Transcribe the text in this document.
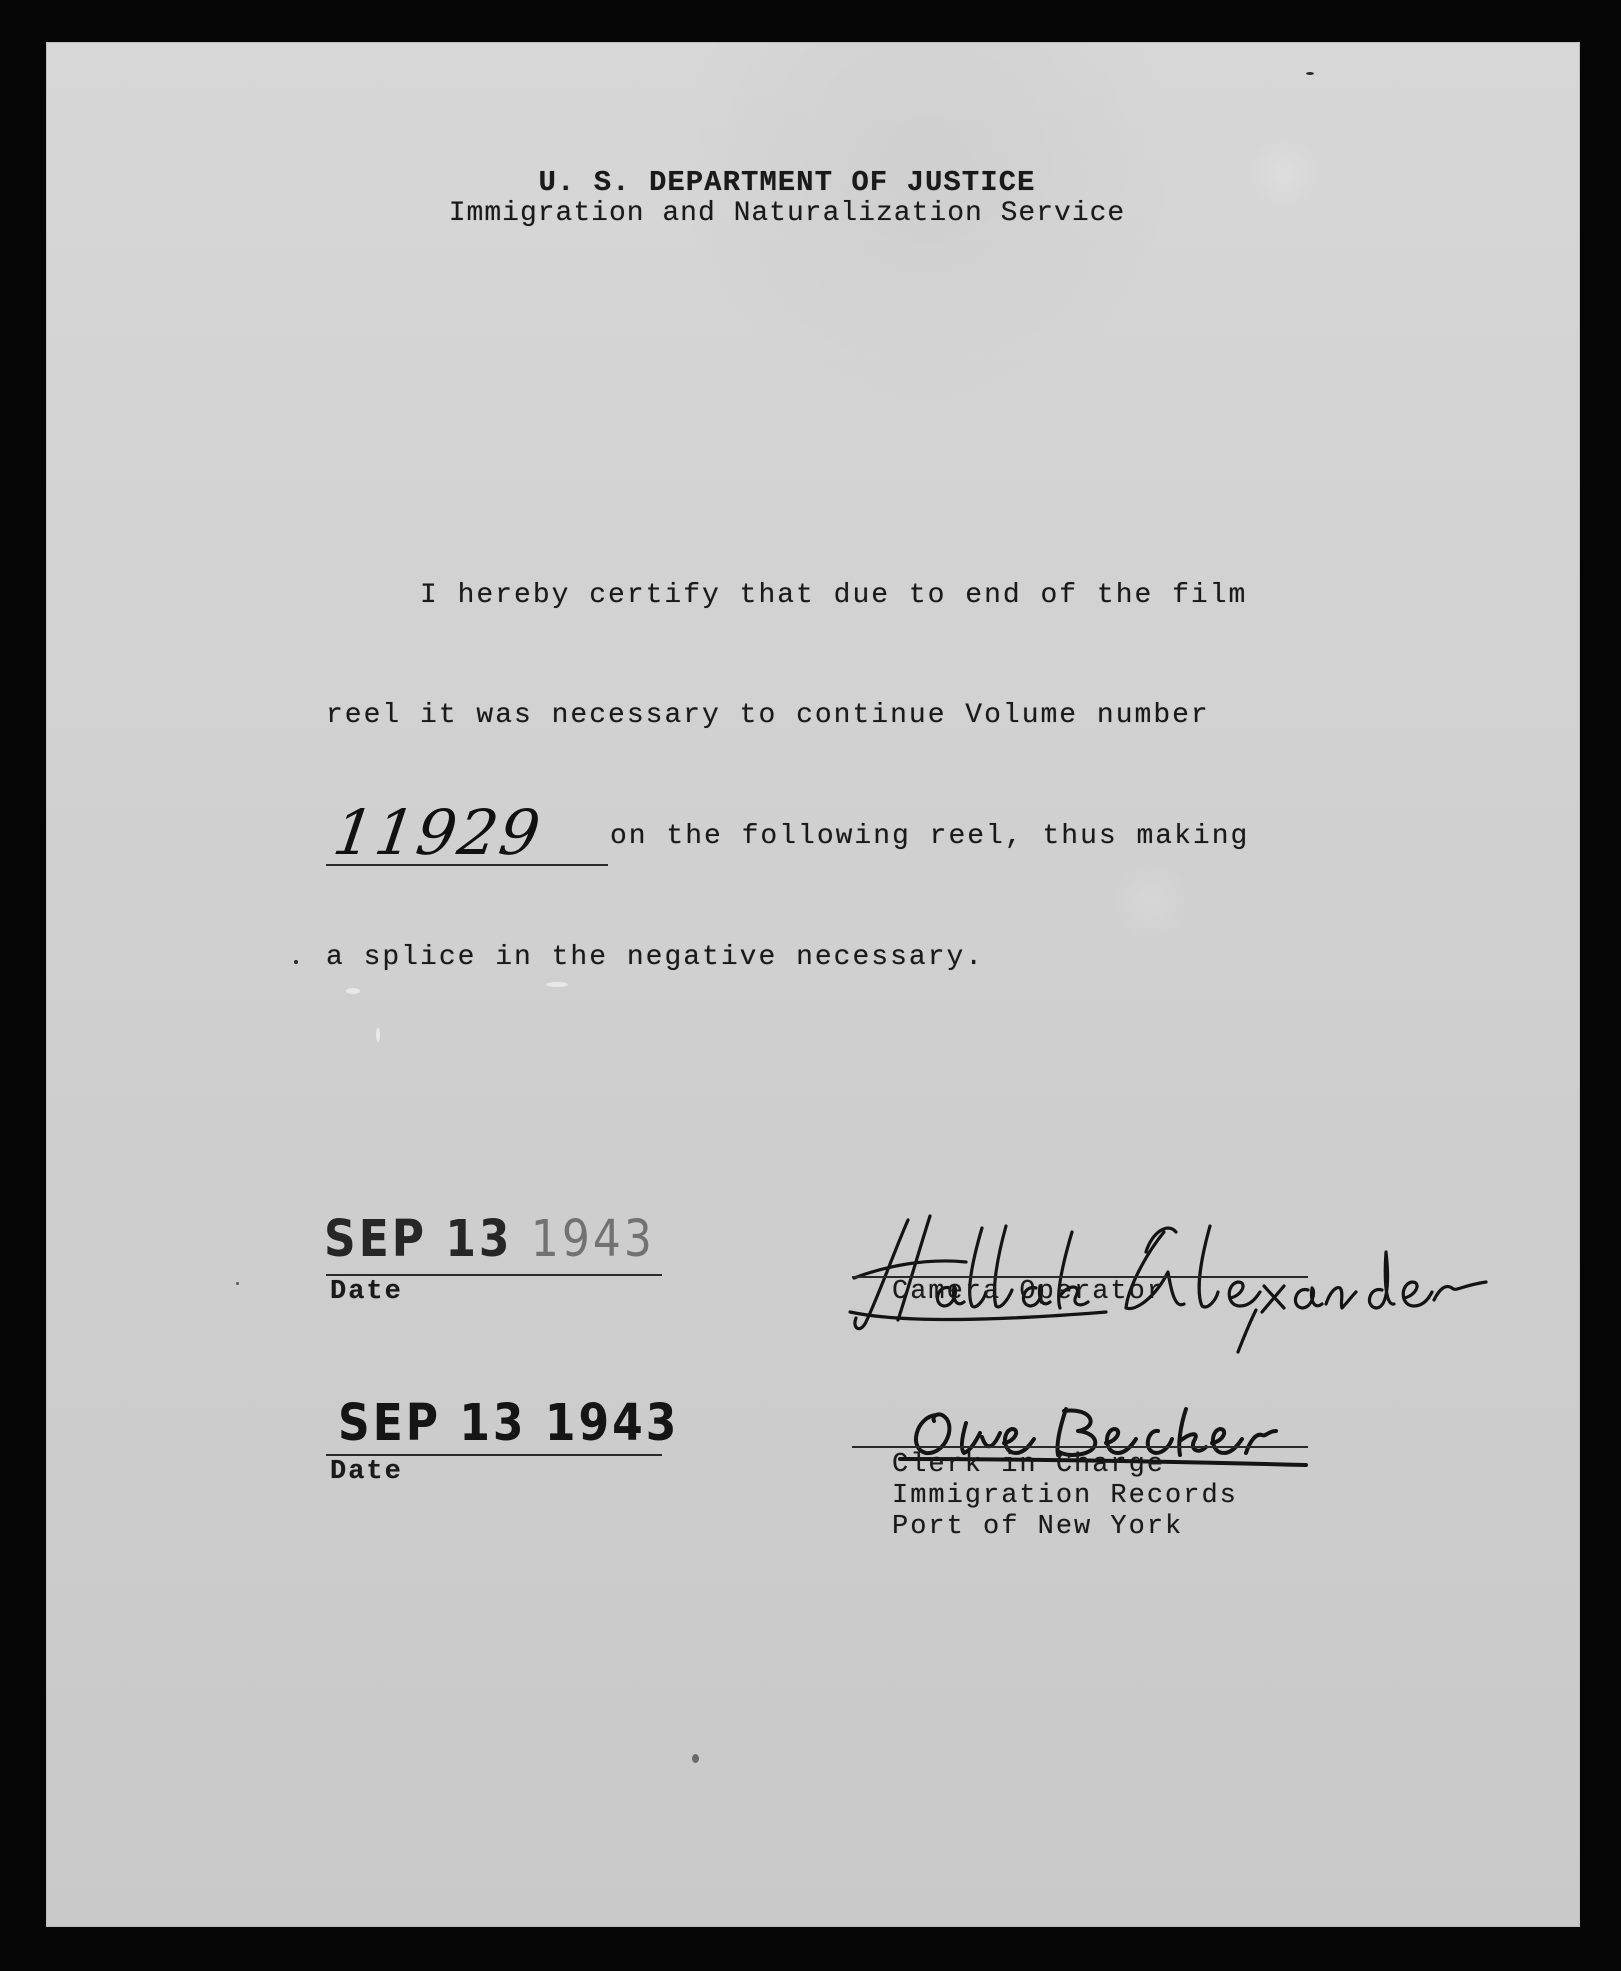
U. S. DEPARTMENT OF JUSTICE
Immigration and Naturalization Service
I hereby certify that due to end of the film
reel it was necessary to continue Volume number
11929 on the following reel, thus making
a splice in the negative necessary.
SEP 13 1943
Date	Camera Operator
SEP 13 1943
Date	Clerk in Charge
Immigration Records
Port of New York
